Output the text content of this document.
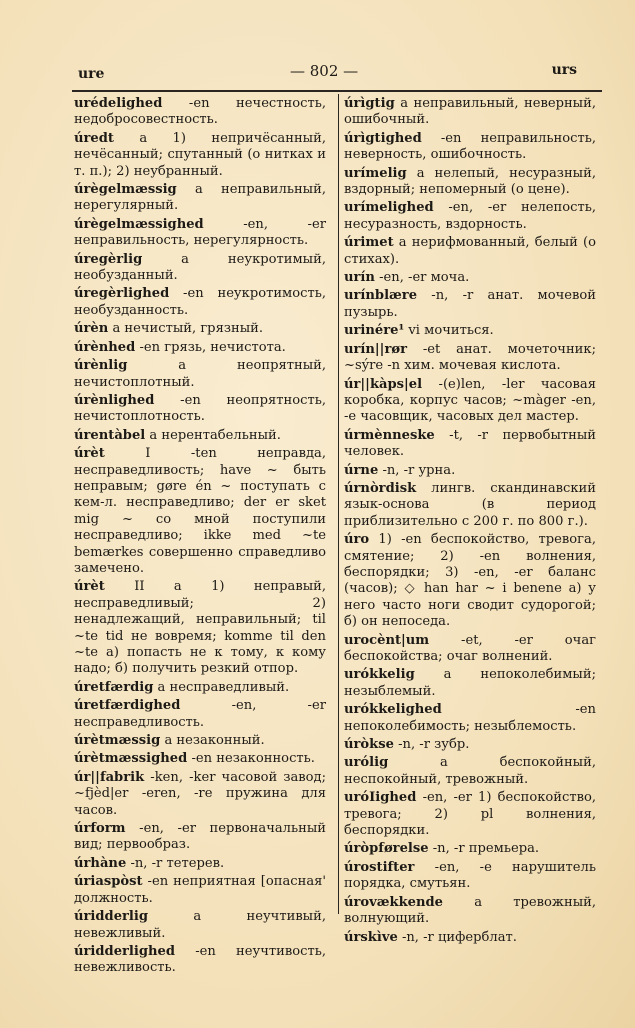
ure	— 802 —	urs

urédelighed -en нечестность, недобросовестность.

úredt a 1) непричёсанный, нечёсанный; спутанный (о нитках и т. п.); 2) неубранный.

úrègelmæssig a неправильный, нерегулярный.

úrègelmæssighed -en, -er неправильность, нерегулярность.

úregèrlig a неукротимый, необузданный.

úregèrlighed -en неукротимость, необузданность.

úrèn a нечистый, грязный.

úrènhed -en грязь, нечистота.

úrènlig a неопрятный, нечистоплотный.

úrènlighed -en неопрятность, нечистоплотность.

úrentàbel a нерентабельный.

úrèt I -ten неправда, несправедливость; have ~ быть неправым; gøre én ~ поступать с кем-л. несправедливо; der er sket mig ~ со мной поступили несправедливо; ikke med ~te bemærkes совершенно справедливо замечено.

úrèt II a 1) неправый, несправедливый; 2) ненадлежащий, неправильный; til ~te tid не вовремя; komme til den ~te a) попасть не к тому, к кому надо; б) получить резкий отпор.

úretfærdig a несправедливый.

úretfærdighed -en, -er несправедливость.

úrètmæssig a незаконный.

úrètmæssighed -en незаконность.

úr||fabrik -ken, -ker часовой завод; ~fjèd|er -eren, -re пружина для часов.

úrform -en, -er первоначальный вид; первообраз.

úrhàne -n, -r тетерев.

úriaspòst -en неприятная [опасная' должность.

úridderlig a неучтивый, невежливый.

úridderlighed -en неучтивость, невежливость.

úrìgtig a неправильный, неверный, ошибочный.

úrìgtighed -en неправильность, неверность, ошибочность.

urímelig a нелепый, несуразный, вздорный; непомерный (о цене).

urímelighed -en, -er нелепость, несуразность, вздорность.

úrimet a нерифмованный, белый (о стихах).

urín -en, -er моча.

urínblære -n, -r анат. мочевой пузырь.

urinére¹ vi мочиться.

urín||rør -et анат. мочеточник; ~sýre -n хим. мочевая кислота.

úr||kàps|el -(e)len, -ler часовая коробка, корпус часов; ~màger -en, -e часовщик, часовых дел мастер.

úrmènneske -t, -r первобытный человек.

úrne -n, -r урна.

úrnòrdisk лингв. скандинавский язык-основа (в период приблизительно с 200 г. по 800 г.).

úro 1) -en беспокойство, тревога, смятение; 2) -en волнения, беспорядки; 3) -en, -er баланс (часов); ◇ han har ~ i benene а) у него часто ноги сводит судорогой; б) он непоседа.

urocènt|um -et, -er очаг беспокойства; очаг волнений.

urókkelig a непоколебимый; незыблемый.

urókkelighed -en непоколебимость; незыблемость.

úròkse -n, -r зубр.

urólig a беспокойный, неспокойный, тревожный.

uróIighed -en, -er 1) беспокойство, тревога; 2) pl волнения, беспорядки.

úròpførelse -n, -r премьера.

úrostifter -en, -e нарушитель порядка, смутьян.

úrovækkende a тревожный, волнующий.

úrskìve -n, -r циферблат.
